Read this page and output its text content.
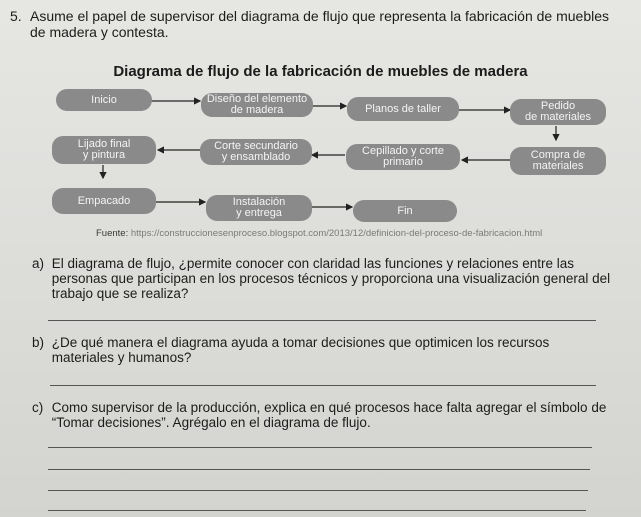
5. Asume el papel de supervisor del diagrama de flujo que representa la fabricación de muebles de madera y contesta.
Diagrama de flujo de la fabricación de muebles de madera
Inicio	Diseño del elemento
de madera	Planos de taller	Pedido
de materiales
Compra de
materiales
Cepillado y corte
primario
Corte secundario
y ensamblado
Lijado final
y pintura
Empacado	Instalación
y entrega	Fin
Fuente: https://construccionesenproceso.blogspot.com/2013/12/definicion-del-proceso-de-fabricacion.html
a) El diagrama de flujo, ¿permite conocer con claridad las funciones y relaciones entre las personas que participan en los procesos técnicos y proporciona una visualización general del trabajo que se realiza?
b) ¿De qué manera el diagrama ayuda a tomar decisiones que optimicen los recursos materiales y humanos?
c) Como supervisor de la producción, explica en qué procesos hace falta agregar el símbolo de “Tomar decisiones”. Agrégalo en el diagrama de flujo.
